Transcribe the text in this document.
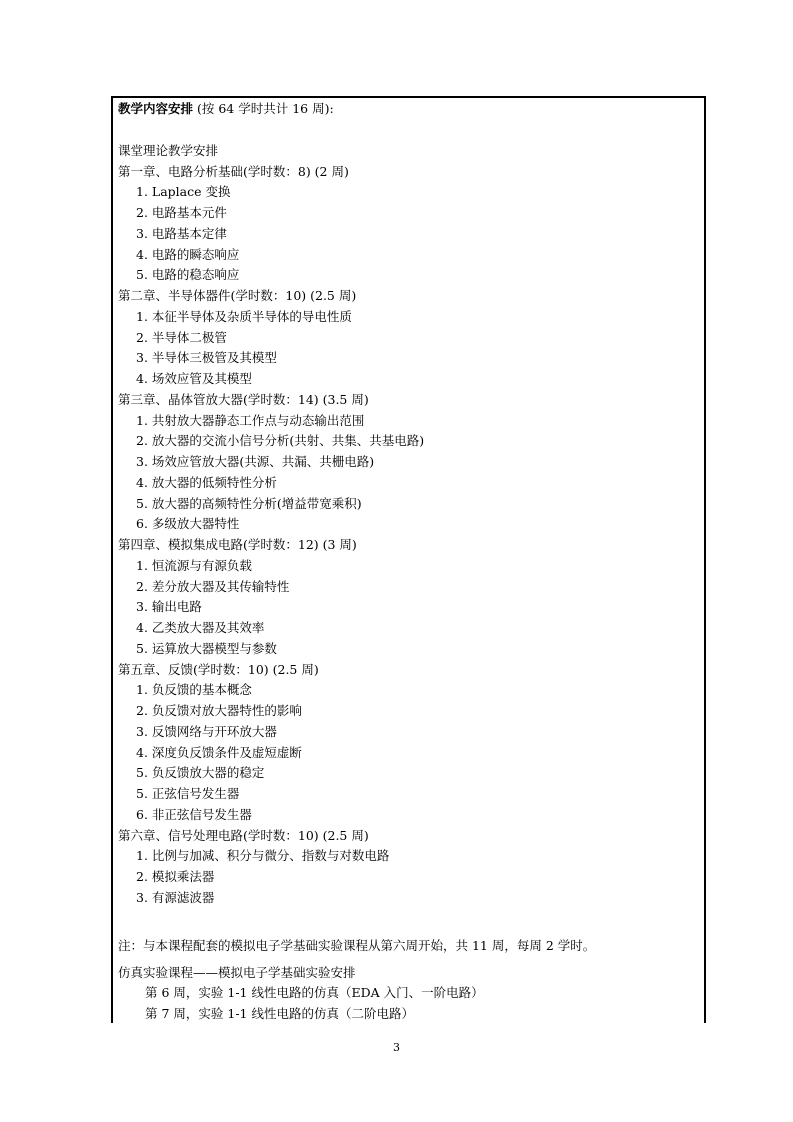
教学内容安排 (按 64 学时共计 16 周):
课堂理论教学安排
第一章、电路分析基础(学时数：8) (2 周)
1. Laplace 变换
2. 电路基本元件
3. 电路基本定律
4. 电路的瞬态响应
5. 电路的稳态响应
第二章、半导体器件(学时数：10) (2.5 周)
1. 本征半导体及杂质半导体的导电性质
2. 半导体二极管
3. 半导体三极管及其模型
4. 场效应管及其模型
第三章、晶体管放大器(学时数：14) (3.5 周)
1. 共射放大器静态工作点与动态输出范围
2. 放大器的交流小信号分析(共射、共集、共基电路)
3. 场效应管放大器(共源、共漏、共栅电路)
4. 放大器的低频特性分析
5. 放大器的高频特性分析(增益带宽乘积)
6. 多级放大器特性
第四章、模拟集成电路(学时数：12) (3 周)
1. 恒流源与有源负载
2. 差分放大器及其传输特性
3. 输出电路
4. 乙类放大器及其效率
5. 运算放大器模型与参数
第五章、反馈(学时数：10) (2.5 周)
1. 负反馈的基本概念
2. 负反馈对放大器特性的影响
3. 反馈网络与开环放大器
4. 深度负反馈条件及虚短虚断
5. 负反馈放大器的稳定
5. 正弦信号发生器
6. 非正弦信号发生器
第六章、信号处理电路(学时数：10) (2.5 周)
1. 比例与加减、积分与微分、指数与对数电路
2. 模拟乘法器
3. 有源滤波器
注：与本课程配套的模拟电子学基础实验课程从第六周开始，共 11 周，每周 2 学时。
仿真实验课程——模拟电子学基础实验安排
第 6 周，实验 1-1 线性电路的仿真（EDA 入门、一阶电路）
第 7 周，实验 1-1 线性电路的仿真（二阶电路）
3
